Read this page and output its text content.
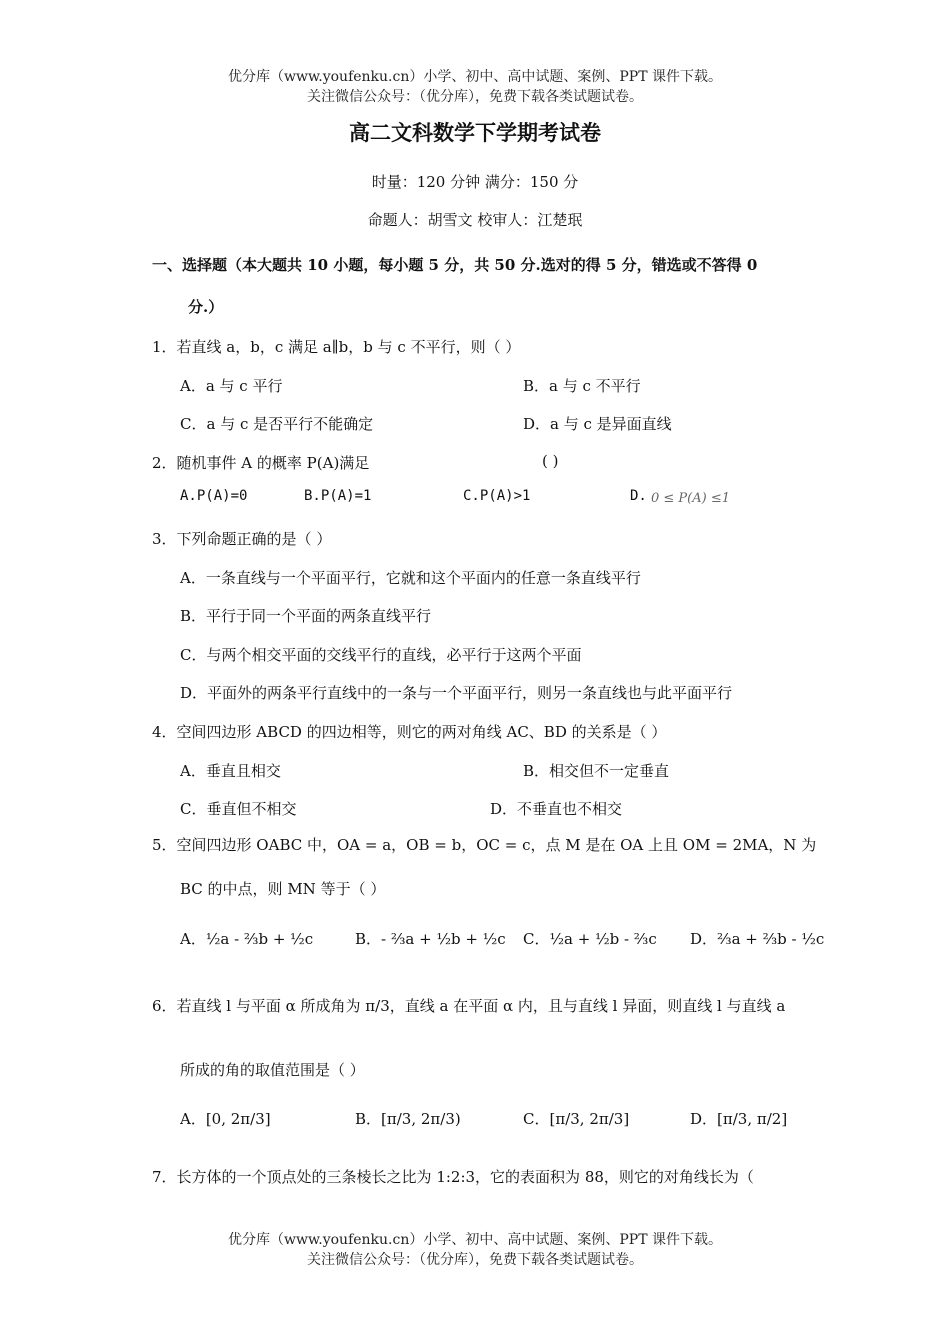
优分库（www.youfenku.cn）小学、初中、高中试题、案例、PPT 课件下载。
关注微信公众号：（优分库），免费下载各类试题试卷。
高二文科数学下学期考试卷
时量：120 分钟 满分：150 分
命题人：胡雪文 校审人：江楚珉
一、选择题（本大题共 10 小题，每小题 5 分，共 50 分.选对的得 5 分，错选或不答得 0
分.）
1．若直线 a，b，c 满足 a∥b，b 与 c 不平行，则（ ）
A．a 与 c 平行	B．a 与 c 不平行
C．a 与 c 是否平行不能确定	D．a 与 c 是异面直线
2．随机事件 A 的概率 P(A)满足	( )
A.P(A)=0	B.P(A)=1	C.P(A)>1	D. 0 ≤ P(A) ≤1
3．下列命题正确的是（ ）
A．一条直线与一个平面平行，它就和这个平面内的任意一条直线平行
B．平行于同一个平面的两条直线平行
C．与两个相交平面的交线平行的直线，必平行于这两个平面
D．平面外的两条平行直线中的一条与一个平面平行，则另一条直线也与此平面平行
4．空间四边形 ABCD 的四边相等，则它的两对角线 AC、BD 的关系是（ ）
A．垂直且相交	B．相交但不一定垂直
C．垂直但不相交	D．不垂直也不相交
5．空间四边形 OABC 中，OA = a，OB = b，OC = c，点 M 是在 OA 上且 OM = 2MA，N 为
BC 的中点，则 MN 等于（ ）
A．½a - ⅔b + ½c	B．- ⅔a + ½b + ½c C．½a + ½b - ⅔c D．⅔a + ⅔b - ½c
6．若直线 l 与平面 α 所成角为 π/3，直线 a 在平面 α 内，且与直线 l 异面，则直线 l 与直线 a
所成的角的取值范围是（ ）
A．[0, 2π/3]	B．[π/3, 2π/3)	C．[π/3, 2π/3]	D．[π/3, π/2]
7．长方体的一个顶点处的三条棱长之比为 1:2:3，它的表面积为 88，则它的对角线长为（
优分库（www.youfenku.cn）小学、初中、高中试题、案例、PPT 课件下载。
关注微信公众号：（优分库），免费下载各类试题试卷。
